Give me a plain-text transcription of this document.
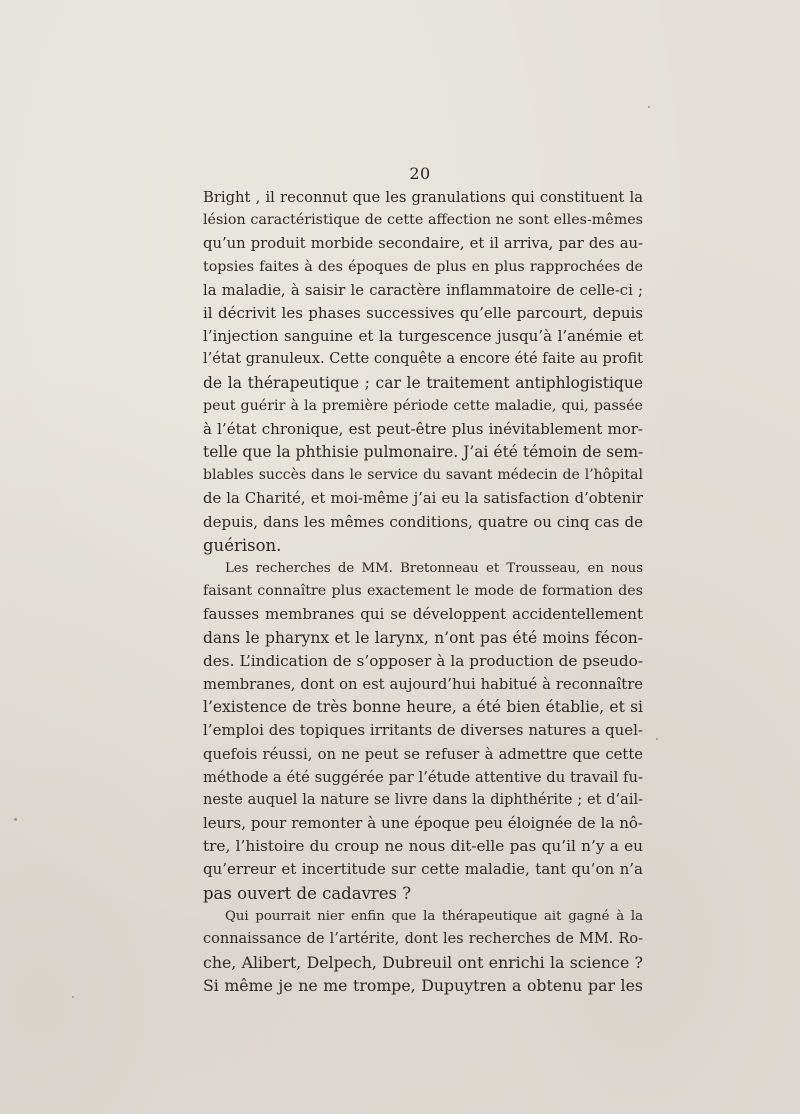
20
Bright , il reconnut que les granulations qui constituent la
lésion caractéristique de cette affection ne sont elles-mêmes
qu’un produit morbide secondaire, et il arriva, par des au-
topsies faites à des époques de plus en plus rapprochées de
la maladie, à saisir le caractère inflammatoire de celle-ci ;
il décrivit les phases successives qu’elle parcourt, depuis
l’injection sanguine et la turgescence jusqu’à l’anémie et
l’état granuleux. Cette conquête a encore été faite au profit
de la thérapeutique ; car le traitement antiphlogistique
peut guérir à la première période cette maladie, qui, passée
à l’état chronique, est peut-être plus inévitablement mor-
telle que la phthisie pulmonaire. J’ai été témoin de sem-
blables succès dans le service du savant médecin de l’hôpital
de la Charité, et moi-même j’ai eu la satisfaction d’obtenir
depuis, dans les mêmes conditions, quatre ou cinq cas de
guérison.
Les recherches de MM. Bretonneau et Trousseau, en nous
faisant connaître plus exactement le mode de formation des
fausses membranes qui se développent accidentellement
dans le pharynx et le larynx, n’ont pas été moins fécon-
des. L’indication de s’opposer à la production de pseudo-
membranes, dont on est aujourd’hui habitué à reconnaître
l’existence de très bonne heure, a été bien établie, et si
l’emploi des topiques irritants de diverses natures a quel-
quefois réussi, on ne peut se refuser à admettre que cette
méthode a été suggérée par l’étude attentive du travail fu-
neste auquel la nature se livre dans la diphthérite ; et d’ail-
leurs, pour remonter à une époque peu éloignée de la nô-
tre, l’histoire du croup ne nous dit-elle pas qu’il n’y a eu
qu’erreur et incertitude sur cette maladie, tant qu’on n’a
pas ouvert de cadavres ?
Qui pourrait nier enfin que la thérapeutique ait gagné à la
connaissance de l’artérite, dont les recherches de MM. Ro-
che, Alibert, Delpech, Dubreuil ont enrichi la science ?
Si même je ne me trompe, Dupuytren a obtenu par les
